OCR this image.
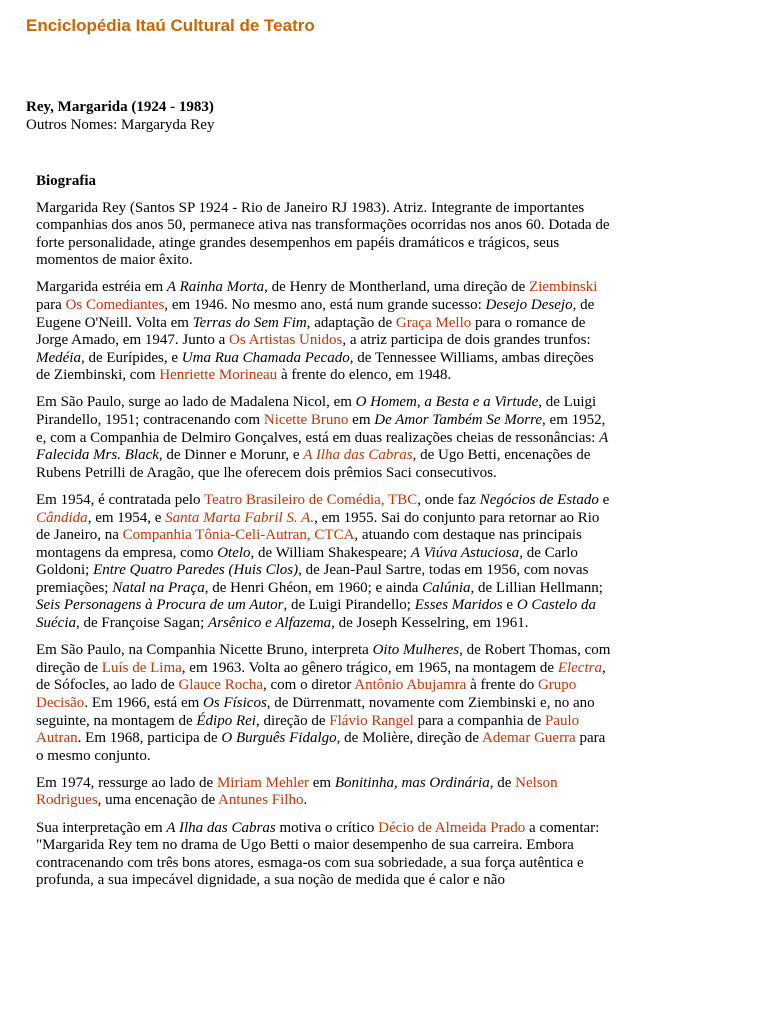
Enciclopédia Itaú Cultural de Teatro

Rey, Margarida (1924 - 1983)

Outros Nomes: Margaryda Rey

Biografia

Margarida Rey (Santos SP 1924 - Rio de Janeiro RJ 1983). Atriz. Integrante de importantes companhias dos anos 50, permanece ativa nas transformações ocorridas nos anos 60. Dotada de forte personalidade, atinge grandes desempenhos em papéis dramáticos e trágicos, seus momentos de maior êxito.

Margarida estréia em A Rainha Morta, de Henry de Montherland, uma direção de Ziembinski para Os Comediantes, em 1946. No mesmo ano, está num grande sucesso: Desejo Desejo, de Eugene O'Neill. Volta em Terras do Sem Fim, adaptação de Graça Mello para o romance de Jorge Amado, em 1947. Junto a Os Artistas Unidos, a atriz participa de dois grandes trunfos: Medéia, de Eurípides, e Uma Rua Chamada Pecado, de Tennessee Williams, ambas direções de Ziembinski, com Henriette Morineau à frente do elenco, em 1948.

Em São Paulo, surge ao lado de Madalena Nicol, em O Homem, a Besta e a Virtude, de Luigi Pirandello, 1951; contracenando com Nicette Bruno em De Amor Também Se Morre, em 1952, e, com a Companhia de Delmiro Gonçalves, está em duas realizações cheias de ressonâncias: A Falecida Mrs. Black, de Dinner e Morunr, e A Ilha das Cabras, de Ugo Betti, encenações de Rubens Petrilli de Aragão, que lhe oferecem dois prêmios Saci consecutivos.

Em 1954, é contratada pelo Teatro Brasileiro de Comédia, TBC, onde faz Negócios de Estado e Cândida, em 1954, e Santa Marta Fabril S. A., em 1955. Sai do conjunto para retornar ao Rio de Janeiro, na Companhia Tônia-Celi-Autran, CTCA, atuando com destaque nas principais montagens da empresa, como Otelo, de William Shakespeare; A Viúva Astuciosa, de Carlo Goldoni; Entre Quatro Paredes (Huis Clos), de Jean-Paul Sartre, todas em 1956, com novas premiações; Natal na Praça, de Henri Ghéon, em 1960; e ainda Calúnia, de Lillian Hellmann; Seis Personagens à Procura de um Autor, de Luigi Pirandello; Esses Maridos e O Castelo da Suécia, de Françoise Sagan; Arsênico e Alfazema, de Joseph Kesselring, em 1961.

Em São Paulo, na Companhia Nicette Bruno, interpreta Oito Mulheres, de Robert Thomas, com direção de Luís de Lima, em 1963. Volta ao gênero trágico, em 1965, na montagem de Electra, de Sófocles, ao lado de Glauce Rocha, com o diretor Antônio Abujamra à frente do Grupo Decisão. Em 1966, está em Os Físicos, de Dürrenmatt, novamente com Ziembinski e, no ano seguinte, na montagem de Édipo Rei, direção de Flávio Rangel para a companhia de Paulo Autran. Em 1968, participa de O Burguês Fidalgo, de Molière, direção de Ademar Guerra para o mesmo conjunto.

Em 1974, ressurge ao lado de Miriam Mehler em Bonitinha, mas Ordinária, de Nelson Rodrigues, uma encenação de Antunes Filho.

Sua interpretação em A Ilha das Cabras motiva o crítico Décio de Almeida Prado a comentar: "Margarida Rey tem no drama de Ugo Betti o maior desempenho de sua carreira. Embora contracenando com três bons atores, esmaga-os com sua sobriedade, a sua força autêntica e profunda, a sua impecável dignidade, a sua noção de medida que é calor e não
